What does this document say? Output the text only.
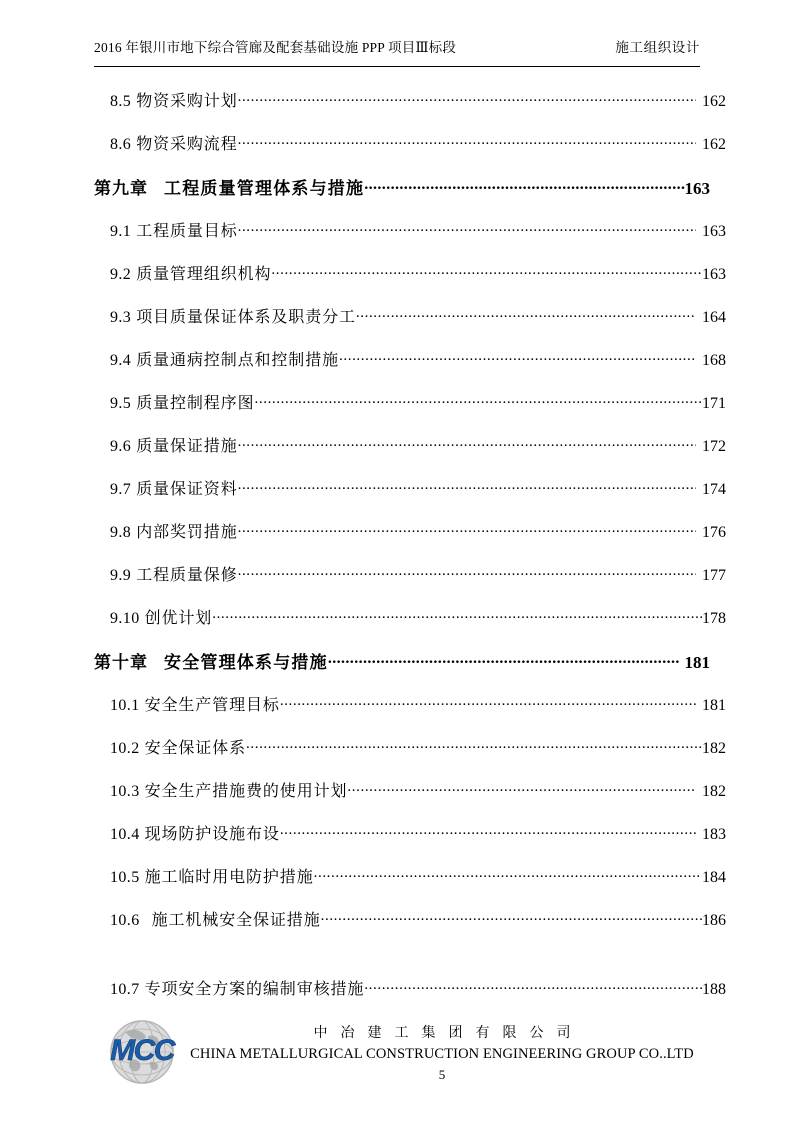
2016 年银川市地下综合管廊及配套基础设施 PPP 项目Ⅲ标段	施工组织设计
8.5 物资采购计划 .....	162
8.6 物资采购流程 .....	162
第九章 工程质量管理体系与措施 .....	163
9.1 工程质量目标 .....	163
9.2 质量管理组织机构 .....	163
9.3 项目质量保证体系及职责分工 .....	164
9.4 质量通病控制点和控制措施 .....	168
9.5 质量控制程序图 .....	171
9.6 质量保证措施 .....	172
9.7 质量保证资料 .....	174
9.8 内部奖罚措施 .....	176
9.9 工程质量保修 .....	177
9.10 创优计划 .....	178
第十章 安全管理体系与措施 .....	181
10.1 安全生产管理目标 .....	181
10.2 安全保证体系 .....	182
10.3 安全生产措施费的使用计划 .....	182
10.4 现场防护设施布设 .....	183
10.5 施工临时用电防护措施 .....	184
10.6 施工机械安全保证措施 .....	186
10.7 专项安全方案的编制审核措施 .....	188
MCC
中冶建工集团有限公司
CHINA METALLURGICAL CONSTRUCTION ENGINEERING GROUP CO..LTD
5
